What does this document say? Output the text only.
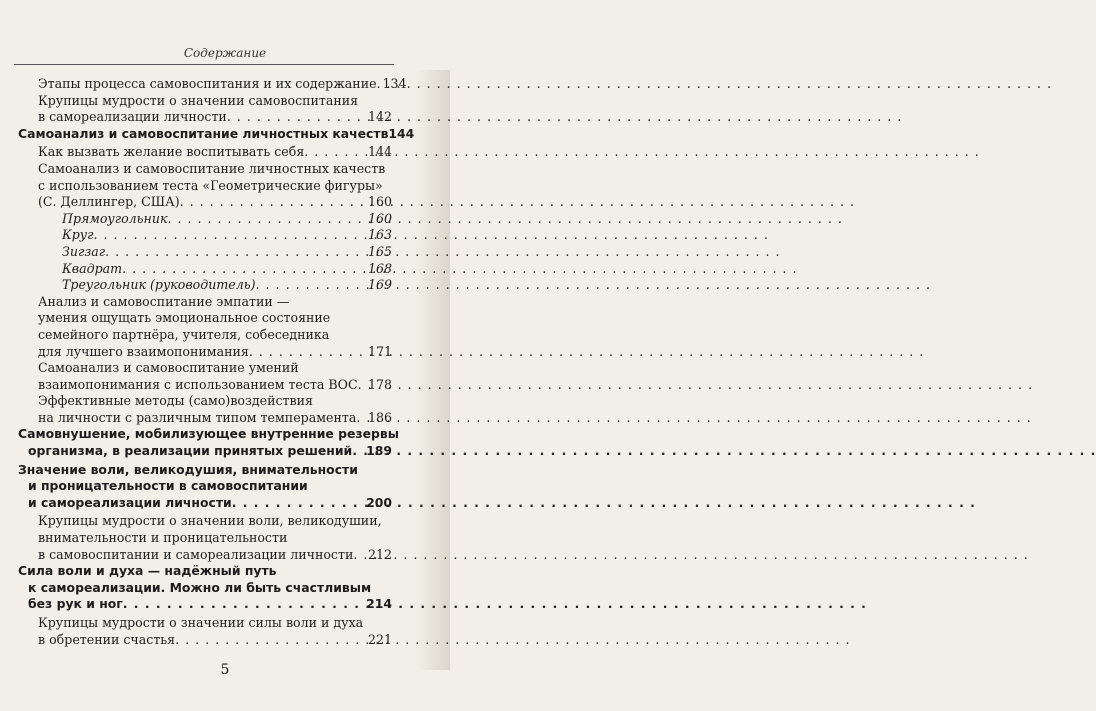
Содержание
Этапы процесса самовоспитания и их содержание . . . 134
Крупицы мудрости о значении самовоспитания
в самореализации личности . . .	142
Самоанализ и самовоспитание личностных качеств 144
Как вызвать желание воспитывать себя . . .	144
Самоанализ и самовоспитание личностных качеств
с использованием теста «Геометрические фигуры»
(С. Деллингер, США) . . .	160
Прямоугольник . . .	160
Круг . . .	163
Зигзаг . . .	165
Квадрат . . .	168
Треугольник (руководитель) . . .	169
Анализ и самовоспитание эмпатии —
умения ощущать эмоциональное состояние
семейного партнёра, учителя, собеседника
для лучшего взаимопонимания . . .	171
Самоанализ и самовоспитание умений
взаимопонимания с использованием теста ВОС . . . 178
Эффективные методы (само)воздействия
на личности с различным типом темперамента . . . 186
Самовнушение, мобилизующее внутренние резервы
организма, в реализации принятых решений . . . 189
Значение воли, великодушия, внимательности
и проницательности в самовоспитании
и самореализации личности . . .	200
Крупицы мудрости о значении воли, великодушии,
внимательности и проницательности
в самовоспитании и самореализации личности . . . 212
Сила воли и духа — надёжный путь
к самореализации. Можно ли быть счастливым
без рук и ног . . .	214
Крупицы мудрости о значении силы воли и духа
в обретении счастья . . .	221
5
